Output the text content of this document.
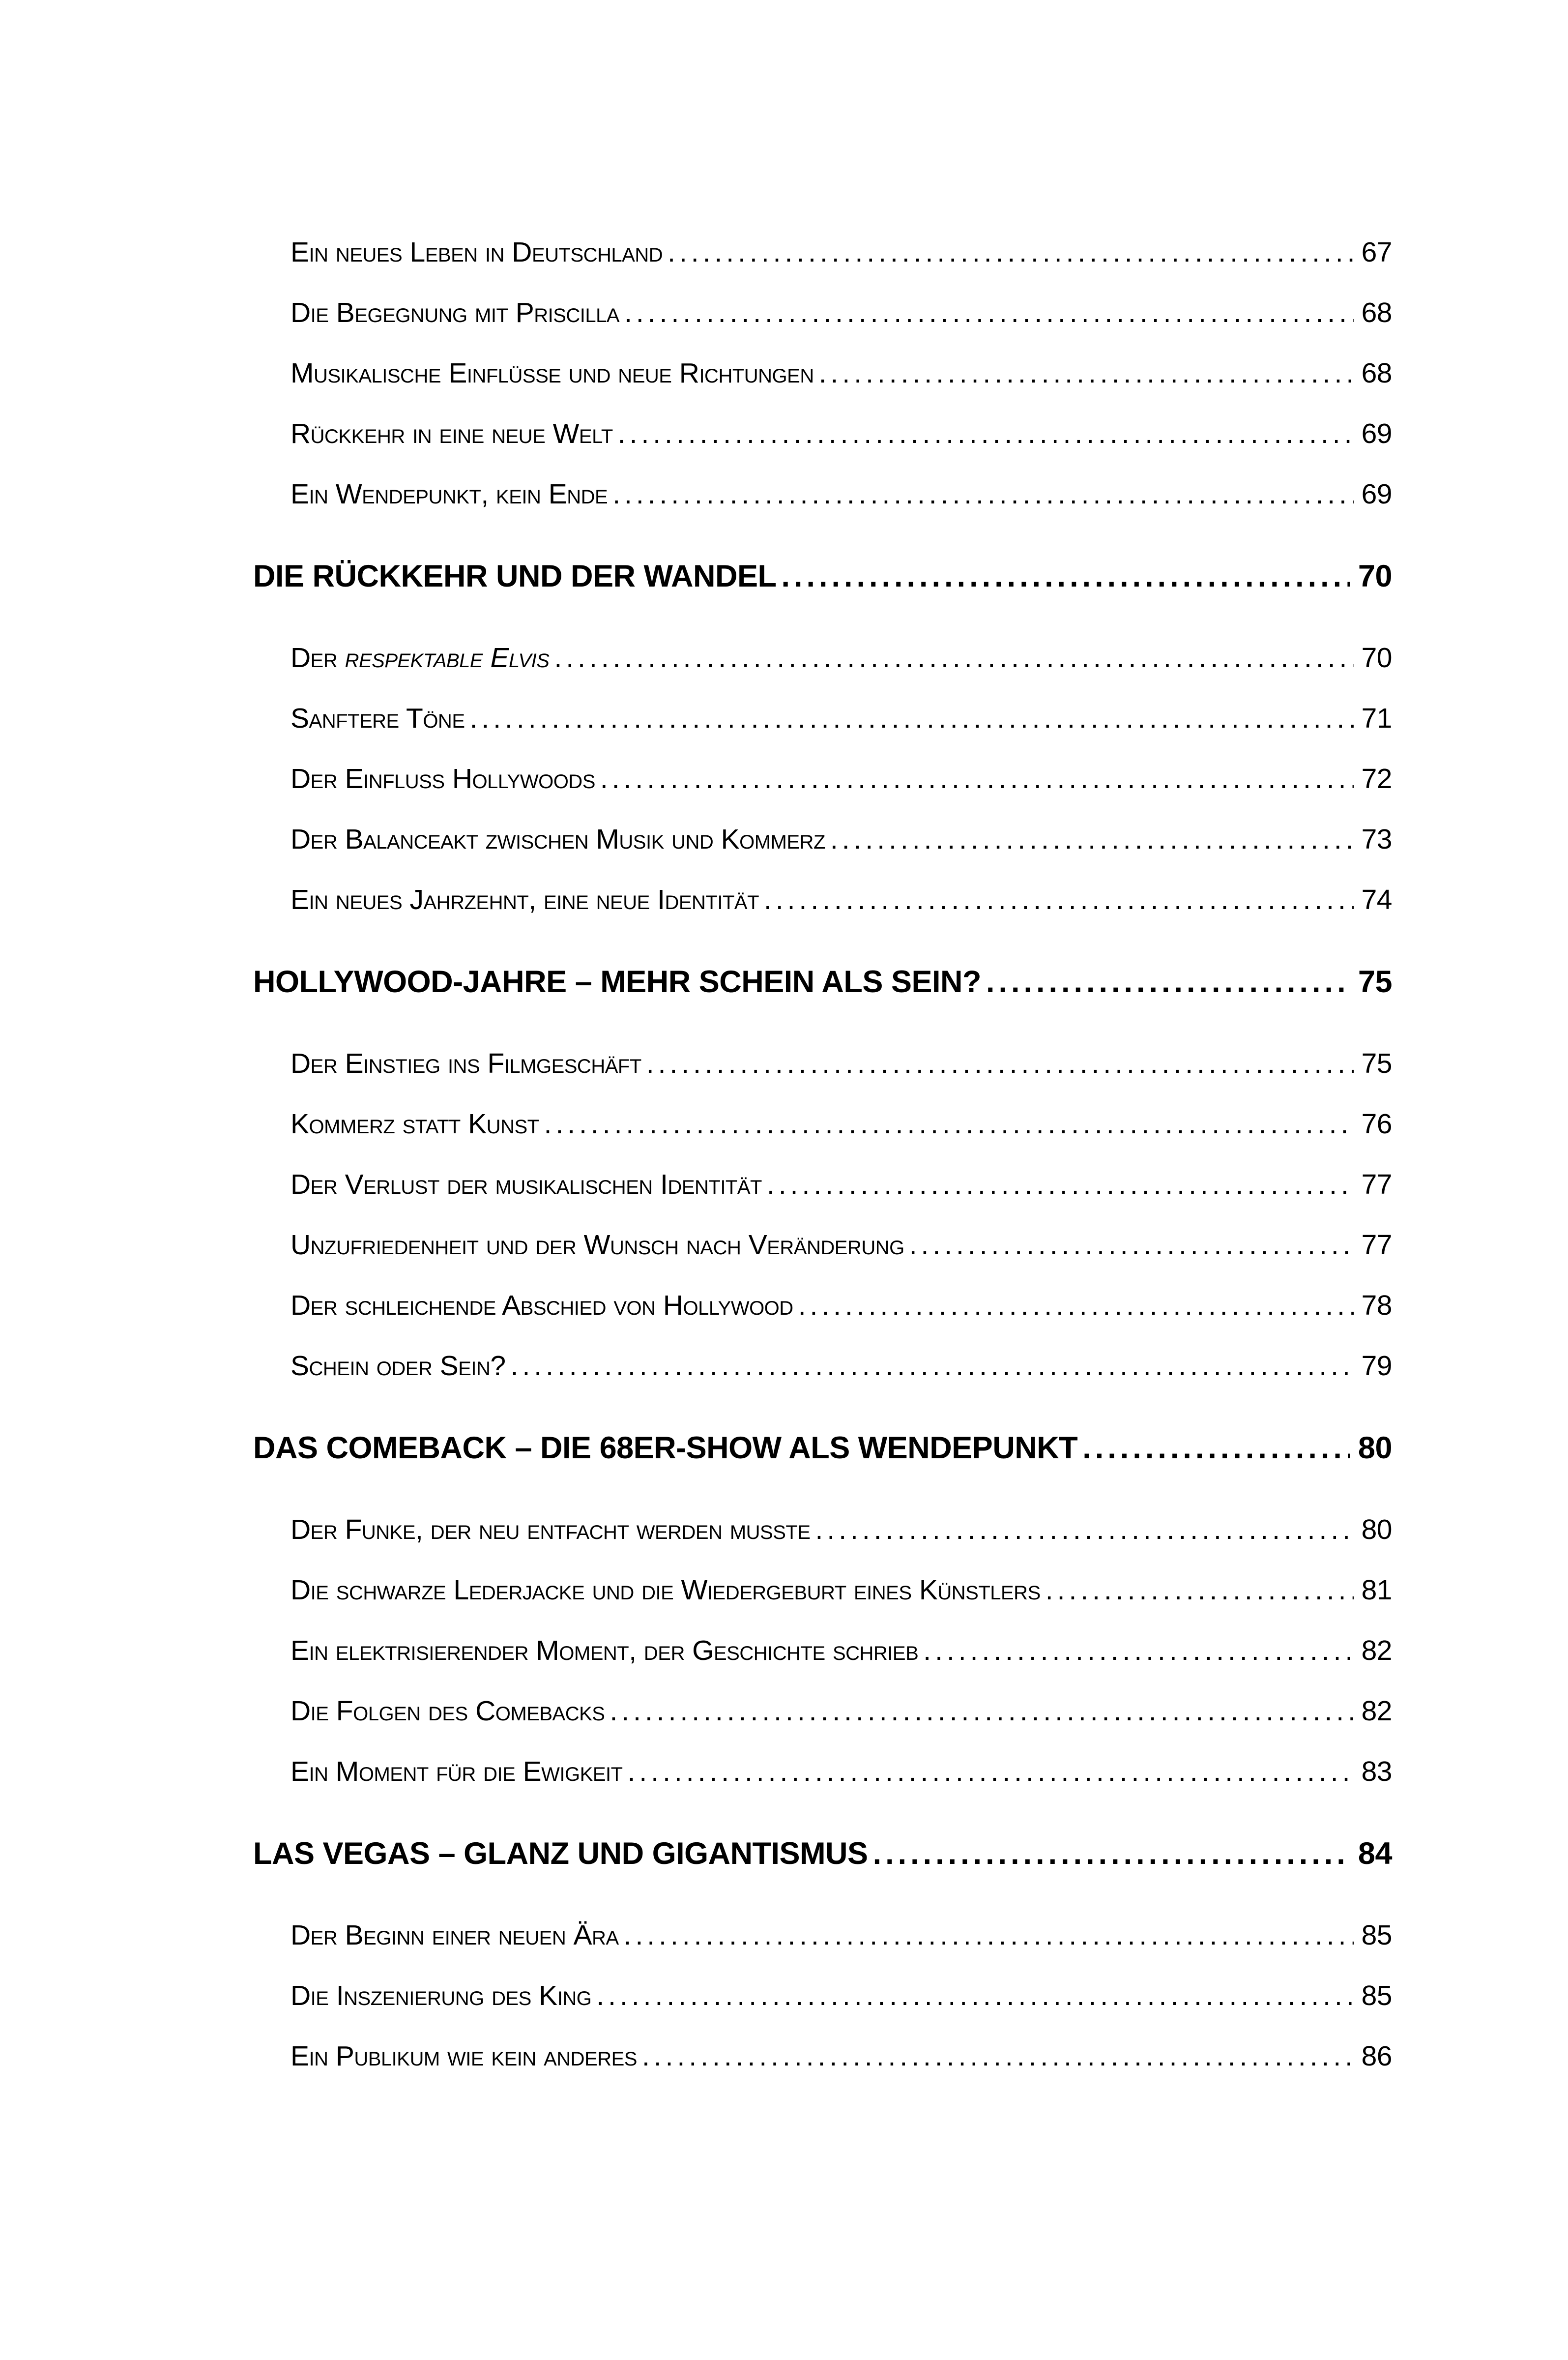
Ein neues Leben in Deutschland .....	67
Die Begegnung mit Priscilla .....	68
Musikalische Einflüsse und neue Richtungen .....	68
Rückkehr in eine neue Welt .....	69
Ein Wendepunkt, kein Ende .....	69
DIE RÜCKKEHR UND DER WANDEL .....	70
Der respektable Elvis .....	70
Sanftere Töne .....	71
Der Einfluss Hollywoods .....	72
Der Balanceakt zwischen Musik und Kommerz .....	73
Ein neues Jahrzehnt, eine neue Identität .....	74
HOLLYWOOD-JAHRE – MEHR SCHEIN ALS SEIN? .....	75
Der Einstieg ins Filmgeschäft .....	75
Kommerz statt Kunst .....	76
Der Verlust der musikalischen Identität .....	77
Unzufriedenheit und der Wunsch nach Veränderung .....	77
Der schleichende Abschied von Hollywood .....	78
Schein oder Sein? .....	79
DAS COMEBACK – DIE 68ER-SHOW ALS WENDEPUNKT .....	80
Der Funke, der neu entfacht werden musste .....	80
Die schwarze Lederjacke und die Wiedergeburt eines Künstlers .....	81
Ein elektrisierender Moment, der Geschichte schrieb .....	82
Die Folgen des Comebacks .....	82
Ein Moment für die Ewigkeit .....	83
LAS VEGAS – GLANZ UND GIGANTISMUS .....	84
Der Beginn einer neuen Ära .....	85
Die Inszenierung des King .....	85
Ein Publikum wie kein anderes .....	86
